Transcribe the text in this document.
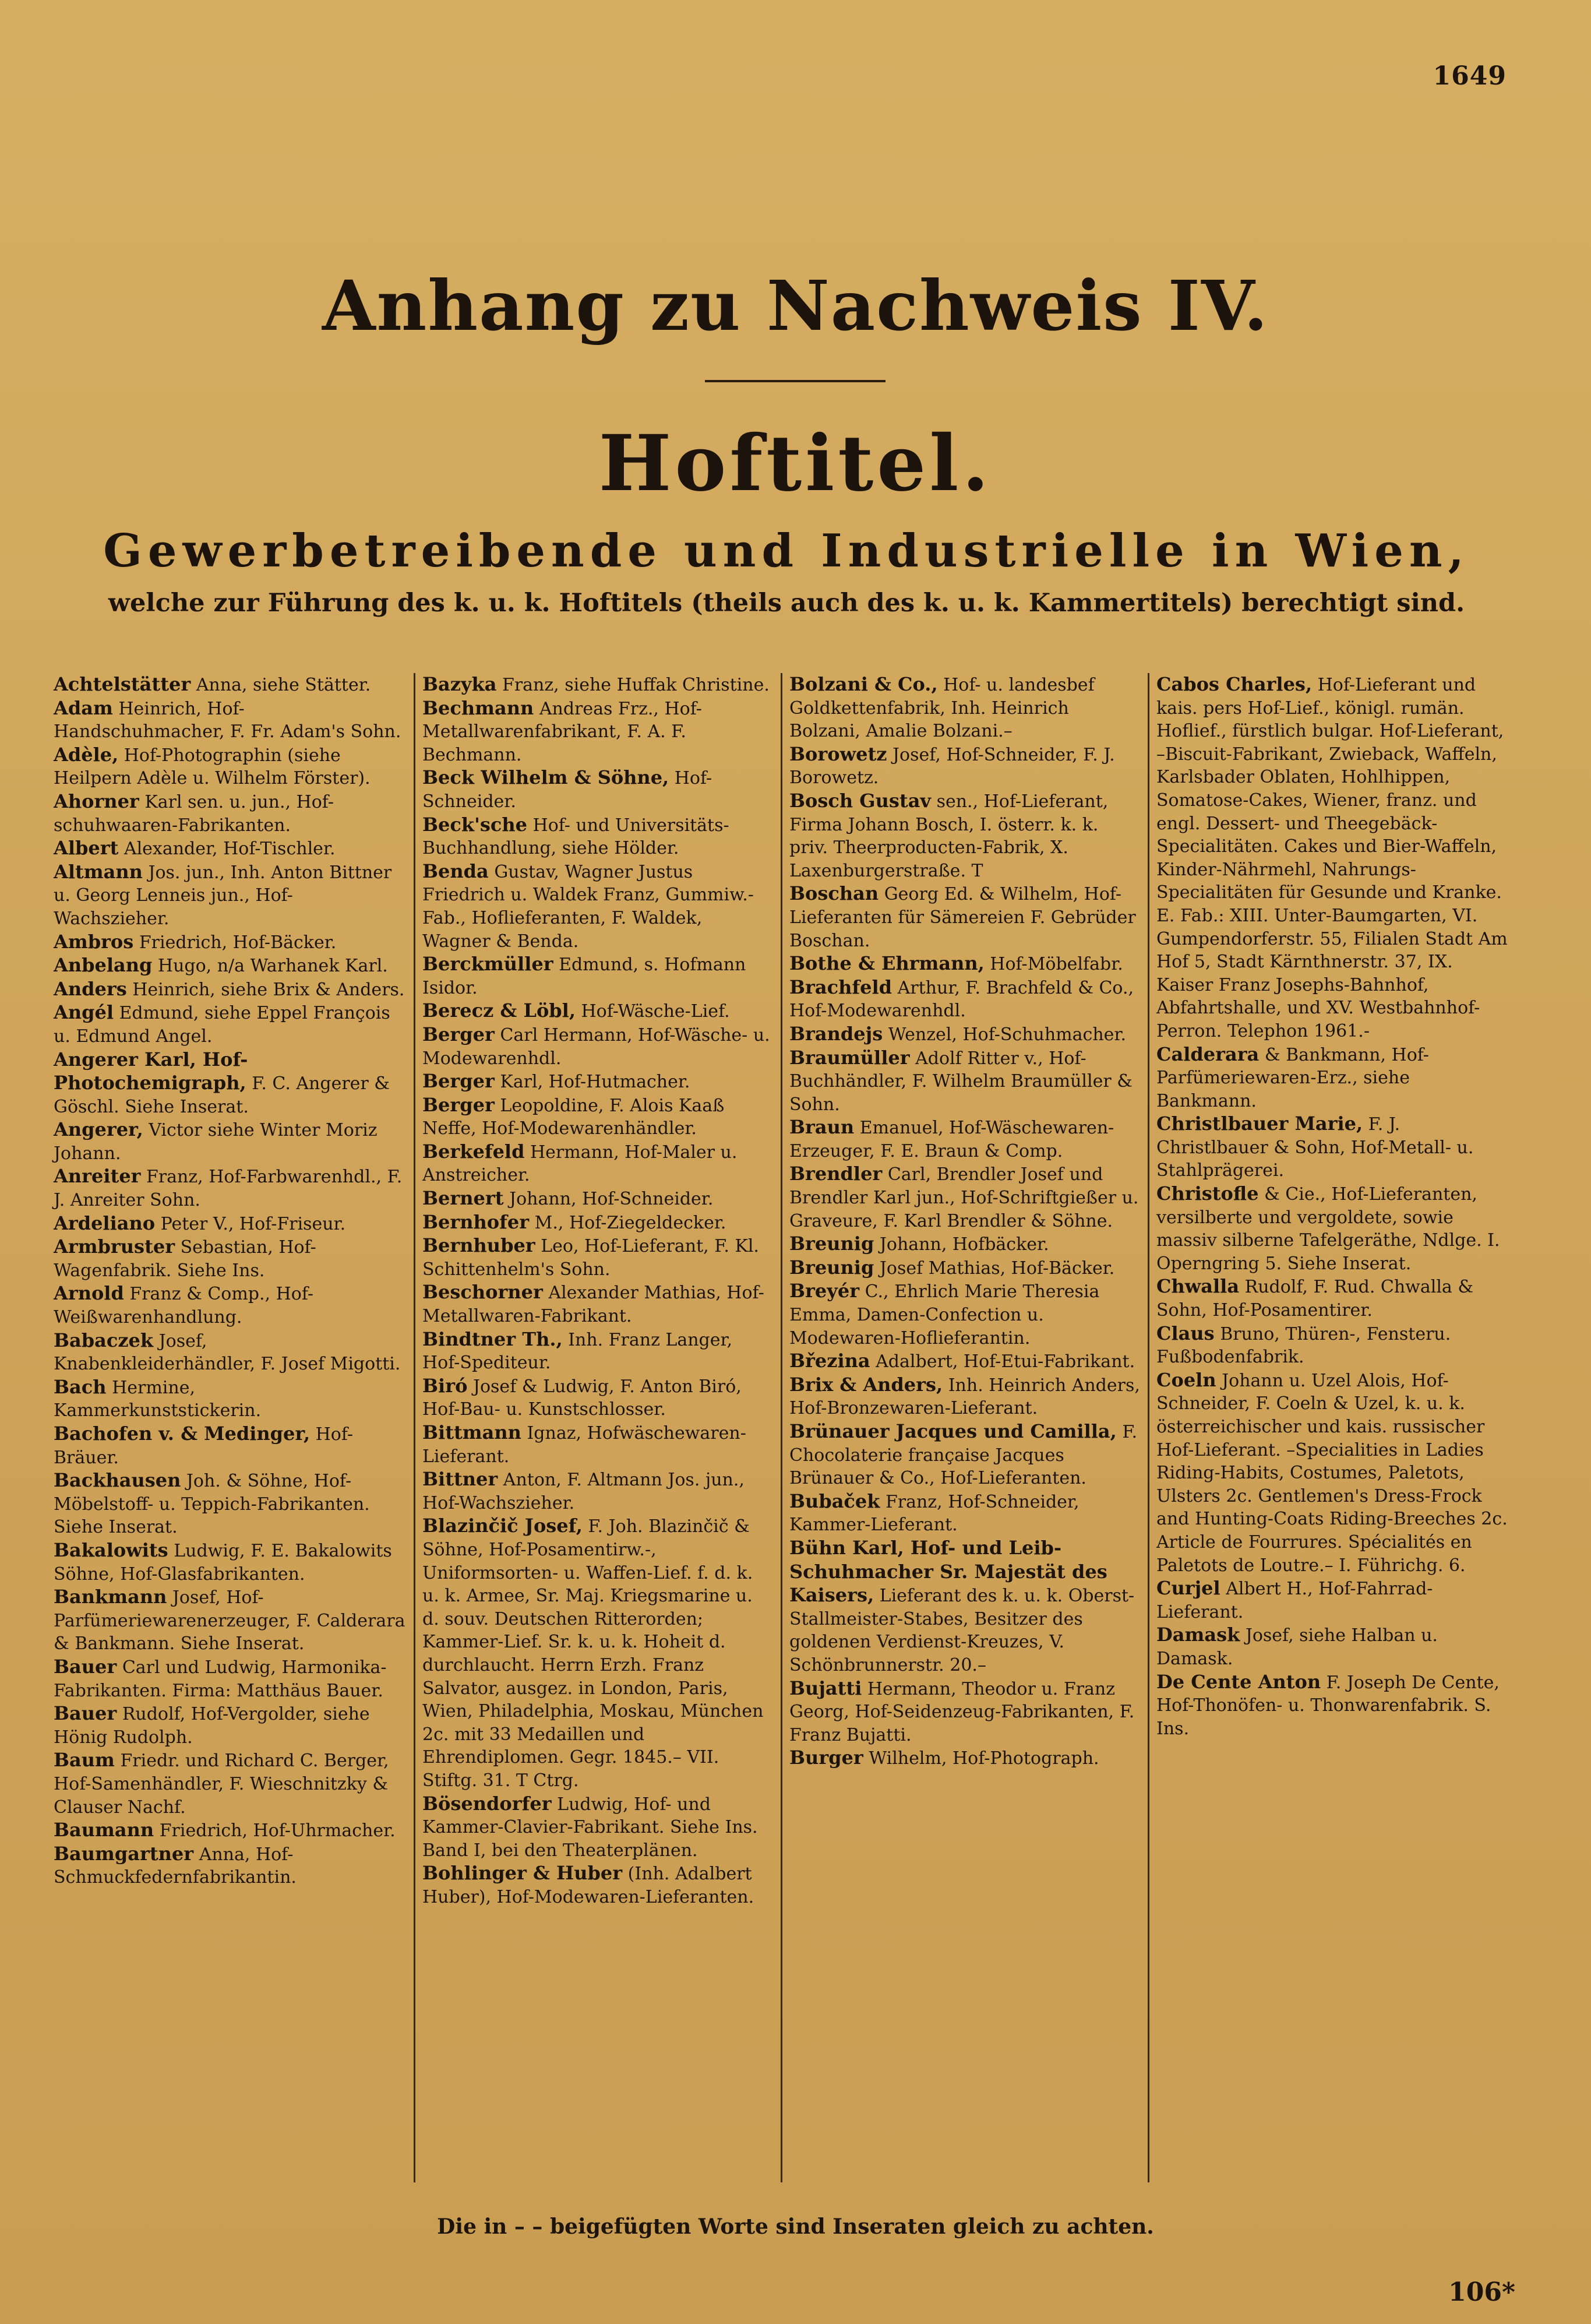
1649
Anhang zu Nachweis IV.
Hoftitel.
Gewerbetreibende und Industrielle in Wien,
welche zur Führung des k. u. k. Hoftitels (theils auch des k. u. k. Kammertitels) berechtigt sind.

Achtelstätter Anna, siehe Stätter.

Adam Heinrich, Hof-Handschuhmacher, F. Fr. Adam's Sohn.

Adèle, Hof-Photographin (siehe Heilpern Adèle u. Wilhelm Förster).

Ahorner Karl sen. u. jun., Hof-schuhwaaren-Fabrikanten.

Albert Alexander, Hof-Tischler.

Altmann Jos. jun., Inh. Anton Bittner u. Georg Lenneis jun., Hof-Wachszieher.

Ambros Friedrich, Hof-Bäcker.

Anbelang Hugo, n/a Warhanek Karl.

Anders Heinrich, siehe Brix & Anders.

Angél Edmund, siehe Eppel François u. Edmund Angel.

Angerer Karl, Hof-Photochemigraph, F. C. Angerer & Göschl. Siehe Inserat.

Angerer, Victor siehe Winter Moriz Johann.

Anreiter Franz, Hof-Farbwarenhdl., F. J. Anreiter Sohn.

Ardeliano Peter V., Hof-Friseur.

Armbruster Sebastian, Hof-Wagenfabrik. Siehe Ins.

Arnold Franz & Comp., Hof-Weißwarenhandlung.

Babaczek Josef, Knabenkleiderhändler, F. Josef Migotti.

Bach Hermine, Kammerkunststickerin.

Bachofen v. & Medinger, Hof-Bräuer.

Backhausen Joh. & Söhne, Hof-Möbelstoff- u. Teppich-Fabrikanten. Siehe Inserat.

Bakalowits Ludwig, F. E. Bakalowits Söhne, Hof-Glasfabrikanten.

Bankmann Josef, Hof-Parfümeriewarenerzeuger, F. Calderara & Bankmann. Siehe Inserat.

Bauer Carl und Ludwig, Harmonika-Fabrikanten. Firma: Matthäus Bauer.

Bauer Rudolf, Hof-Vergolder, siehe Hönig Rudolph.

Baum Friedr. und Richard C. Berger, Hof-Samenhändler, F. Wieschnitzky & Clauser Nachf.

Baumann Friedrich, Hof-Uhrmacher.

Baumgartner Anna, Hof-Schmuckfedernfabrikantin.

Bazyka Franz, siehe Huffak Christine.

Bechmann Andreas Frz., Hof-Metallwarenfabrikant, F. A. F. Bechmann.

Beck Wilhelm & Söhne, Hof-Schneider.

Beck'sche Hof- und Universitäts-Buchhandlung, siehe Hölder.

Benda Gustav, Wagner Justus Friedrich u. Waldek Franz, Gummiw.-Fab., Hoflieferanten, F. Waldek, Wagner & Benda.

Berckmüller Edmund, s. Hofmann Isidor.

Berecz & Löbl, Hof-Wäsche-Lief.

Berger Carl Hermann, Hof-Wäsche- u. Modewarenhdl.

Berger Karl, Hof-Hutmacher.

Berger Leopoldine, F. Alois Kaaß Neffe, Hof-Modewarenhändler.

Berkefeld Hermann, Hof-Maler u. Anstreicher.

Bernert Johann, Hof-Schneider.

Bernhofer M., Hof-Ziegeldecker.

Bernhuber Leo, Hof-Lieferant, F. Kl. Schittenhelm's Sohn.

Beschorner Alexander Mathias, Hof-Metallwaren-Fabrikant.

Bindtner Th., Inh. Franz Langer, Hof-Spediteur.

Biró Josef & Ludwig, F. Anton Biró, Hof-Bau- u. Kunstschlosser.

Bittmann Ignaz, Hofwäschewaren-Lieferant.

Bittner Anton, F. Altmann Jos. jun., Hof-Wachszieher.

Blazinčič Josef, F. Joh. Blazinčič & Söhne, Hof-Posamentirw.-, Uniformsorten- u. Waffen-Lief. f. d. k. u. k. Armee, Sr. Maj. Kriegsmarine u. d. souv. Deutschen Ritterorden; Kammer-Lief. Sr. k. u. k. Hoheit d. durchlaucht. Herrn Erzh. Franz Salvator, ausgez. in London, Paris, Wien, Philadelphia, Moskau, München 2c. mit 33 Medaillen und Ehrendiplomen. Gegr. 1845.– VII. Stiftg. 31. T Ctrg.

Bösendorfer Ludwig, Hof- und Kammer-Clavier-Fabrikant. Siehe Ins. Band I, bei den Theaterplänen.

Bohlinger & Huber (Inh. Adalbert Huber), Hof-Modewaren-Lieferanten.

Bolzani & Co., Hof- u. landesbef Goldkettenfabrik, Inh. Heinrich Bolzani, Amalie Bolzani.–

Borowetz Josef, Hof-Schneider, F. J. Borowetz.

Bosch Gustav sen., Hof-Lieferant, Firma Johann Bosch, I. österr. k. k. priv. Theerproducten-Fabrik, X. Laxenburgerstraße. T

Boschan Georg Ed. & Wilhelm, Hof-Lieferanten für Sämereien F. Gebrüder Boschan.

Bothe & Ehrmann, Hof-Möbelfabr.

Brachfeld Arthur, F. Brachfeld & Co., Hof-Modewarenhdl.

Brandejs Wenzel, Hof-Schuhmacher.

Braumüller Adolf Ritter v., Hof-Buchhändler, F. Wilhelm Braumüller & Sohn.

Braun Emanuel, Hof-Wäschewaren-Erzeuger, F. E. Braun & Comp.

Brendler Carl, Brendler Josef und Brendler Karl jun., Hof-Schriftgießer u. Graveure, F. Karl Brendler & Söhne.

Breunig Johann, Hofbäcker.

Breunig Josef Mathias, Hof-Bäcker.

Breyér C., Ehrlich Marie Theresia Emma, Damen-Confection u. Modewaren-Hoflieferantin.

Březina Adalbert, Hof-Etui-Fabrikant.

Brix & Anders, Inh. Heinrich Anders, Hof-Bronzewaren-Lieferant.

Brünauer Jacques und Camilla, F. Chocolaterie française Jacques Brünauer & Co., Hof-Lieferanten.

Bubaček Franz, Hof-Schneider, Kammer-Lieferant.

Bühn Karl, Hof- und Leib-Schuhmacher Sr. Majestät des Kaisers, Lieferant des k. u. k. Oberst-Stallmeister-Stabes, Besitzer des goldenen Verdienst-Kreuzes, V. Schönbrunnerstr. 20.–

Bujatti Hermann, Theodor u. Franz Georg, Hof-Seidenzeug-Fabrikanten, F. Franz Bujatti.

Burger Wilhelm, Hof-Photograph.

Cabos Charles, Hof-Lieferant und kais. pers Hof-Lief., königl. rumän. Hoflief., fürstlich bulgar. Hof-Lieferant, –Biscuit-Fabrikant, Zwieback, Waffeln, Karlsbader Oblaten, Hohlhippen, Somatose-Cakes, Wiener, franz. und engl. Dessert- und Theegebäck-Specialitäten. Cakes und Bier-Waffeln, Kinder-Nährmehl, Nahrungs-Specialitäten für Gesunde und Kranke. E. Fab.: XIII. Unter-Baumgarten, VI. Gumpendorferstr. 55, Filialen Stadt Am Hof 5, Stadt Kärnthnerstr. 37, IX. Kaiser Franz Josephs-Bahnhof, Abfahrtshalle, und XV. Westbahnhof-Perron. Telephon 1961.-

Calderara & Bankmann, Hof-Parfümeriewaren-Erz., siehe Bankmann.

Christlbauer Marie, F. J. Christlbauer & Sohn, Hof-Metall- u. Stahlprägerei.

Christofle & Cie., Hof-Lieferanten, versilberte und vergoldete, sowie massiv silberne Tafelgeräthe, Ndlge. I. Operngring 5. Siehe Inserat.

Chwalla Rudolf, F. Rud. Chwalla & Sohn, Hof-Posamentirer.

Claus Bruno, Thüren-, Fensteru. Fußbodenfabrik.

Coeln Johann u. Uzel Alois, Hof-Schneider, F. Coeln & Uzel, k. u. k. österreichischer und kais. russischer Hof-Lieferant. –Specialities in Ladies Riding-Habits, Costumes, Paletots, Ulsters 2c. Gentlemen's Dress-Frock and Hunting-Coats Riding-Breeches 2c. Article de Fourrures. Spécialités en Paletots de Loutre.– I. Führichg. 6.

Curjel Albert H., Hof-Fahrrad-Lieferant.

Damask Josef, siehe Halban u. Damask.

De Cente Anton F. Joseph De Cente, Hof-Thonöfen- u. Thonwarenfabrik. S. Ins.

Die in – – beigefügten Worte sind Inseraten gleich zu achten.
106*
